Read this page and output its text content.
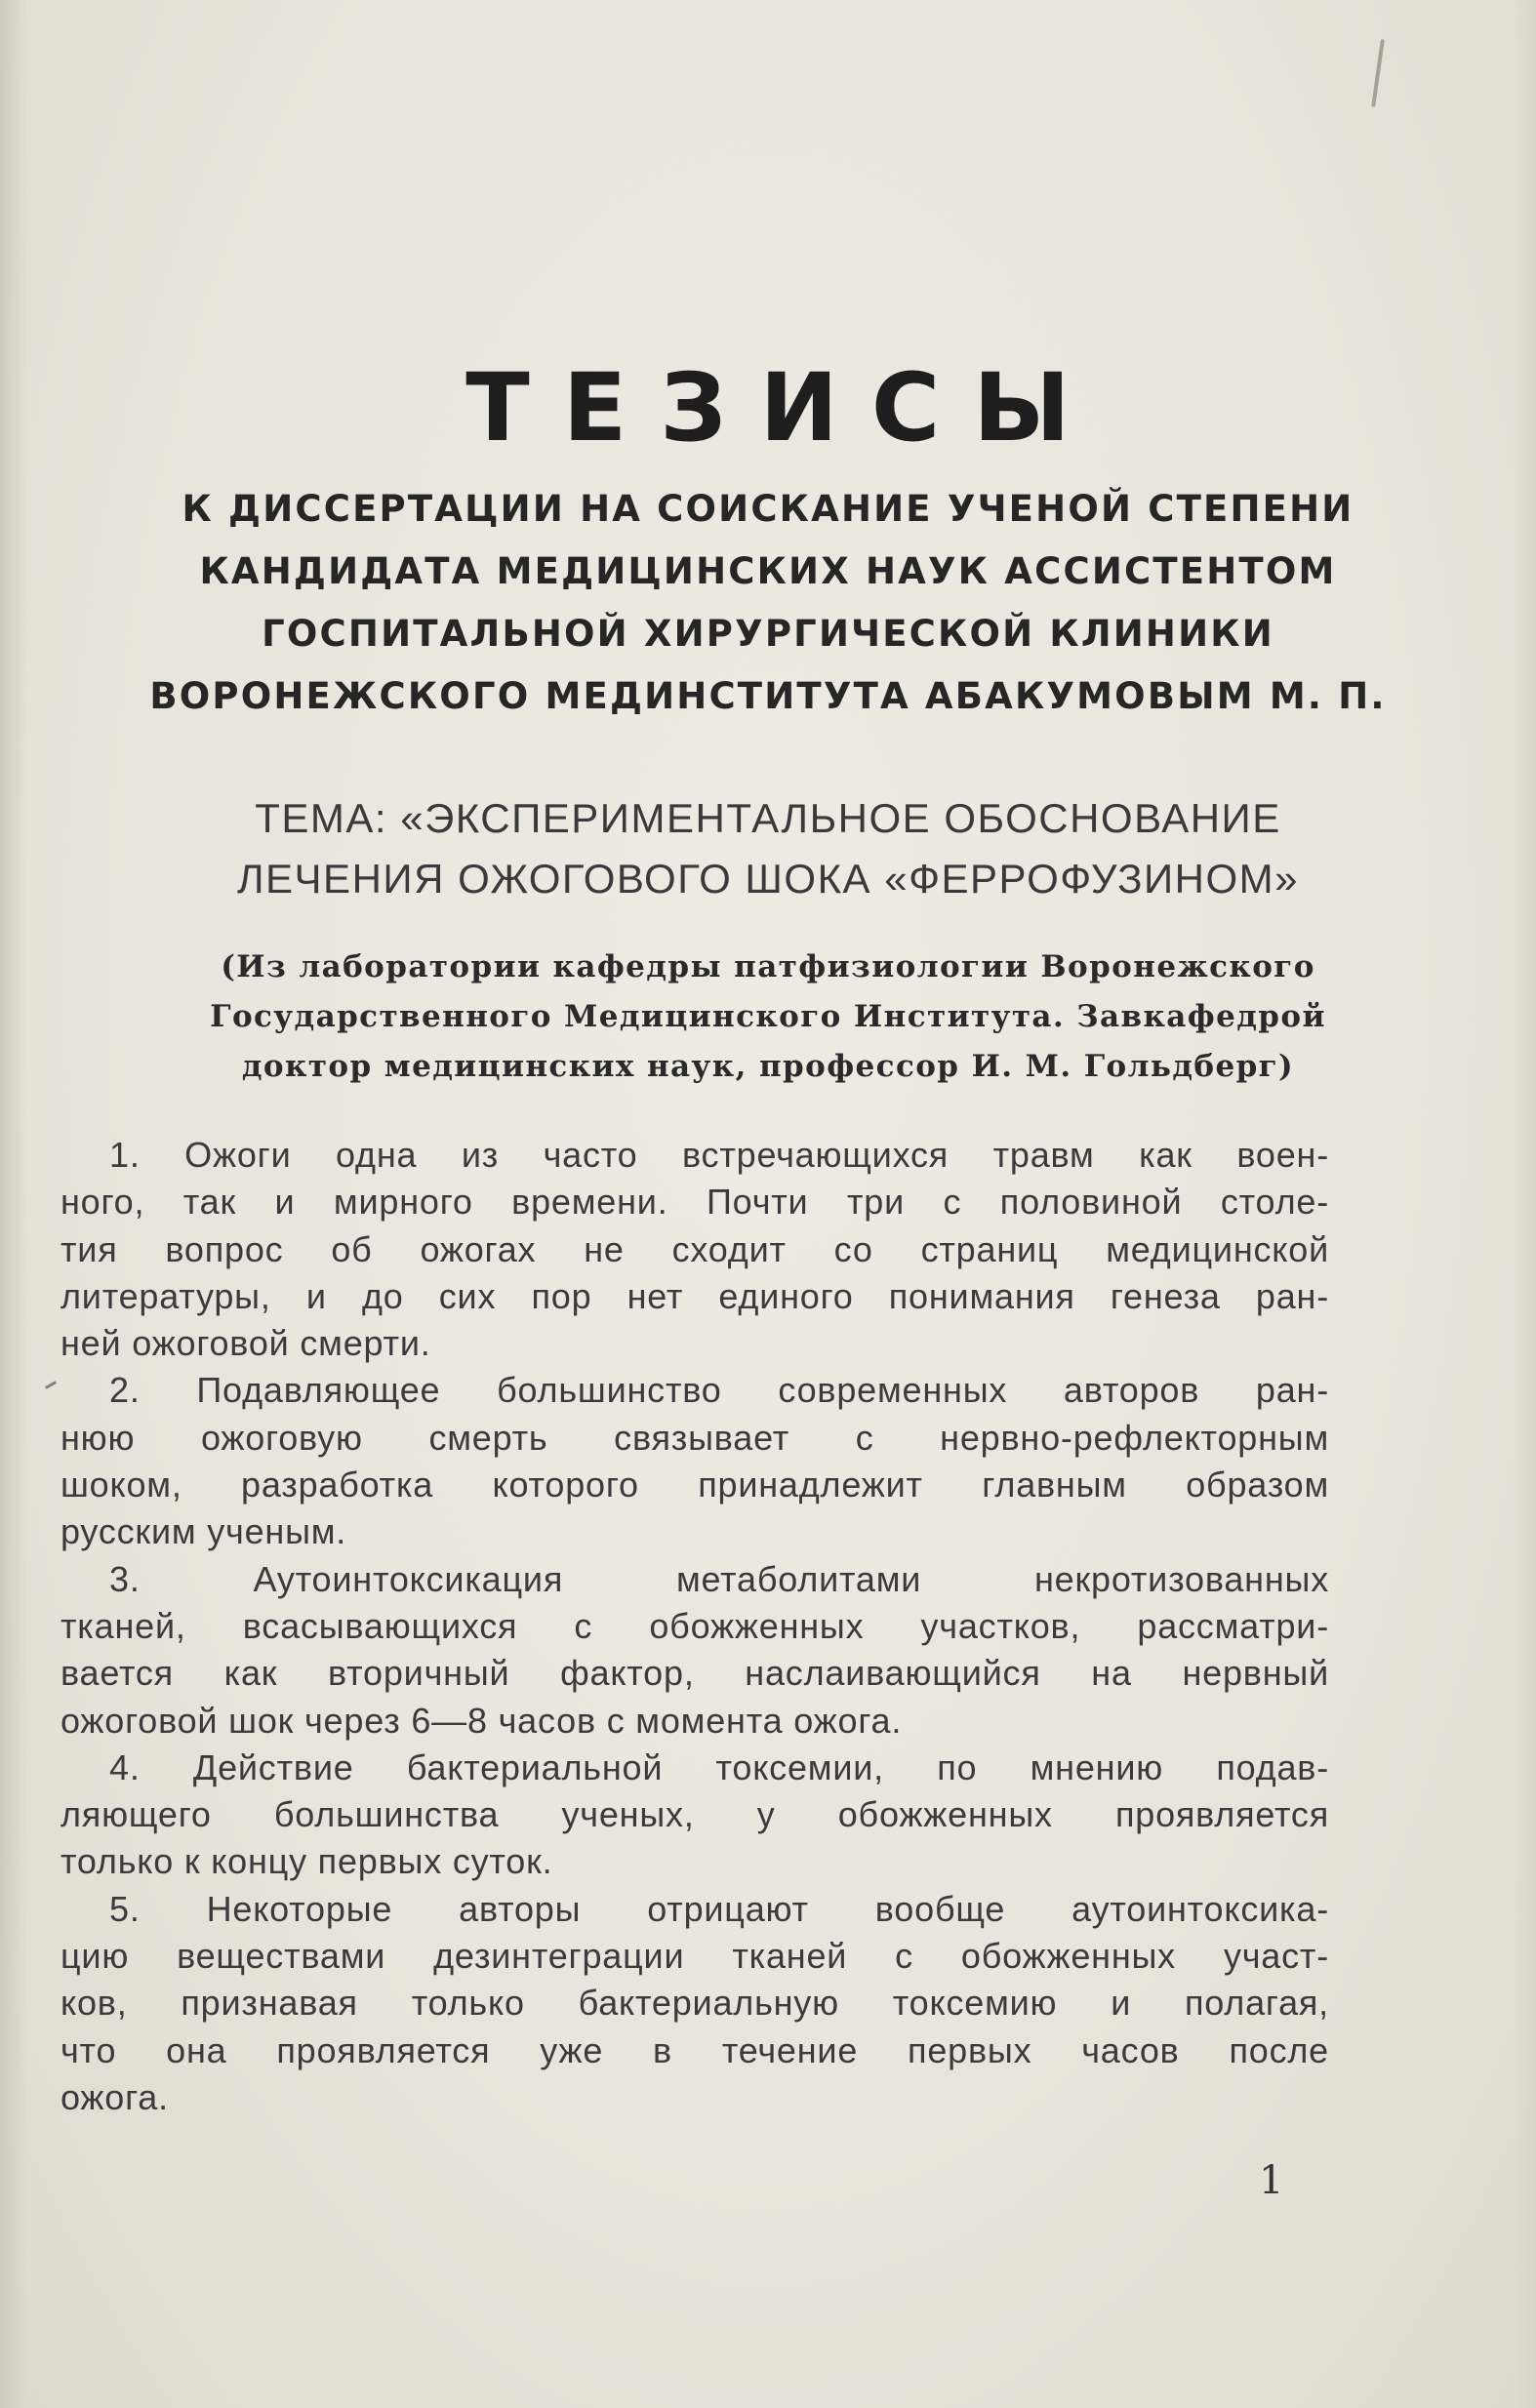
ТЕЗИСЫ
К ДИССЕРТАЦИИ НА СОИСКАНИЕ УЧЕНОЙ СТЕПЕНИ
КАНДИДАТА МЕДИЦИНСКИХ НАУК АССИСТЕНТОМ
ГОСПИТАЛЬНОЙ ХИРУРГИЧЕСКОЙ КЛИНИКИ
ВОРОНЕЖСКОГО МЕДИНСТИТУТА АБАКУМОВЫМ М. П.
ТЕМА: «ЭКСПЕРИМЕНТАЛЬНОЕ ОБОСНОВАНИЕ
ЛЕЧЕНИЯ ОЖОГОВОГО ШОКА «ФЕРРОФУЗИНОМ»
(Из лаборатории кафедры патфизиологии Воронежского
Государственного Медицинского Института. Завкафедрой
доктор медицинских наук, профессор И. М. Гольдберг)
1. Ожоги одна из часто встречающихся травм как воен-
ного, так и мирного времени. Почти три с половиной столе-
тия вопрос об ожогах не сходит со страниц медицинской
литературы, и до сих пор нет единого понимания генеза ран-
ней ожоговой смерти.
2. Подавляющее большинство современных авторов ран-
нюю ожоговую смерть связывает с нервно-рефлекторным
шоком, разработка которого принадлежит главным образом
русским ученым.
3. Аутоинтоксикация метаболитами некротизованных
тканей, всасывающихся с обожженных участков, рассматри-
вается как вторичный фактор, наслаивающийся на нервный
ожоговой шок через 6—8 часов с момента ожога.
4. Действие бактериальной токсемии, по мнению подав-
ляющего большинства ученых, у обожженных проявляется
только к концу первых суток.
5. Некоторые авторы отрицают вообще аутоинтоксика-
цию веществами дезинтеграции тканей с обожженных участ-
ков, признавая только бактериальную токсемию и полагая,
что она проявляется уже в течение первых часов после
ожога.
1
